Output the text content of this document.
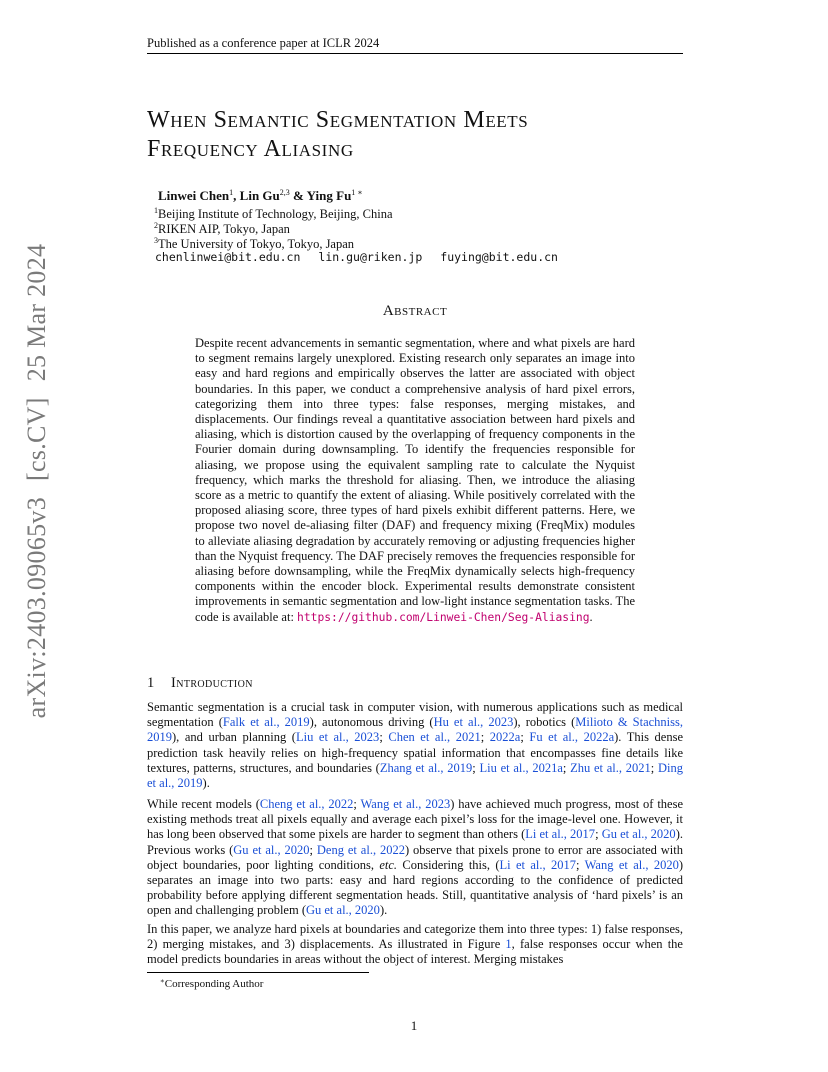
Published as a conference paper at ICLR 2024
arXiv:2403.09065v3[cs.CV]25 Mar 2024
When Semantic Segmentation Meets
Frequency Aliasing
Linwei Chen$^1$, Lin Gu$^{2,3}$ & Ying $Fu^{1 ∗}$
$^1$Beijing Institute of Technology, Beijing, China
$^2$RIKEN AIP, Tokyo, Japan
$^3$The University of Tokyo, Tokyo, Japan
chenlinwei@bit.edu.cn lin.gu@riken.jp fuying@bit.edu.cn
Abstract

Despite recent advancements in semantic segmentation, where and what pixels are hard to segment remains largely unexplored. Existing research only separates an image into easy and hard regions and empirically observes the latter are associated with object boundaries. In this paper, we conduct a comprehensive analysis of hard pixel errors, categorizing them into three types: false responses, merging mistakes, and displacements. Our findings reveal a quantitative association between hard pixels and aliasing, which is distortion caused by the overlapping of frequency components in the Fourier domain during downsampling. To identify the frequencies responsible for aliasing, we propose using the equivalent sampling rate to calculate the Nyquist frequency, which marks the threshold for aliasing. Then, we introduce the aliasing score as a metric to quantify the extent of aliasing. While positively correlated with the proposed aliasing score, three types of hard pixels exhibit different patterns. Here, we propose two novel de-aliasing filter (DAF) and frequency mixing (FreqMix) modules to alleviate aliasing degradation by accurately removing or adjusting frequencies higher than the Nyquist frequency. The DAF precisely removes the frequencies responsible for aliasing before downsampling, while the FreqMix dynamically selects high-frequency components within the encoder block. Experimental results demonstrate consistent improvements in semantic segmentation and low-light instance segmentation tasks. The code is available at: https://github.com/Linwei-Chen/Seg-Aliasing.

1 Introduction

Semantic segmentation is a crucial task in computer vision, with numerous applications such as medical segmentation (Falk et al., 2019), autonomous driving (Hu et al., 2023), robotics (Milioto & Stachniss, 2019), and urban planning (Liu et al., 2023; Chen et al., 2021; 2022a; Fu et al., 2022a). This dense prediction task heavily relies on high-frequency spatial information that encompasses fine details like textures, patterns, structures, and boundaries (Zhang et al., 2019; Liu et al., 2021a; Zhu et al., 2021; Ding et al., 2019).

While recent models (Cheng et al., 2022; Wang et al., 2023) have achieved much progress, most of these existing methods treat all pixels equally and average each pixel’s loss for the image-level one. However, it has long been observed that some pixels are harder to segment than others (Li et al., 2017; Gu et al., 2020). Previous works (Gu et al., 2020; Deng et al., 2022) observe that pixels prone to error are associated with object boundaries, poor lighting conditions, etc. Considering this, (Li et al., 2017; Wang et al., 2020) separates an image into two parts: easy and hard regions according to the confidence of predicted probability before applying different segmentation heads. Still, quantitative analysis of ‘hard pixels’ is an open and challenging problem (Gu et al., 2020).

In this paper, we analyze hard pixels at boundaries and categorize them into three types: 1) false responses, 2) merging mistakes, and 3) displacements. As illustrated in Figure 1, false responses occur when the model predicts boundaries in areas without the object of interest. Merging mistakes

∗Corresponding Author
1
